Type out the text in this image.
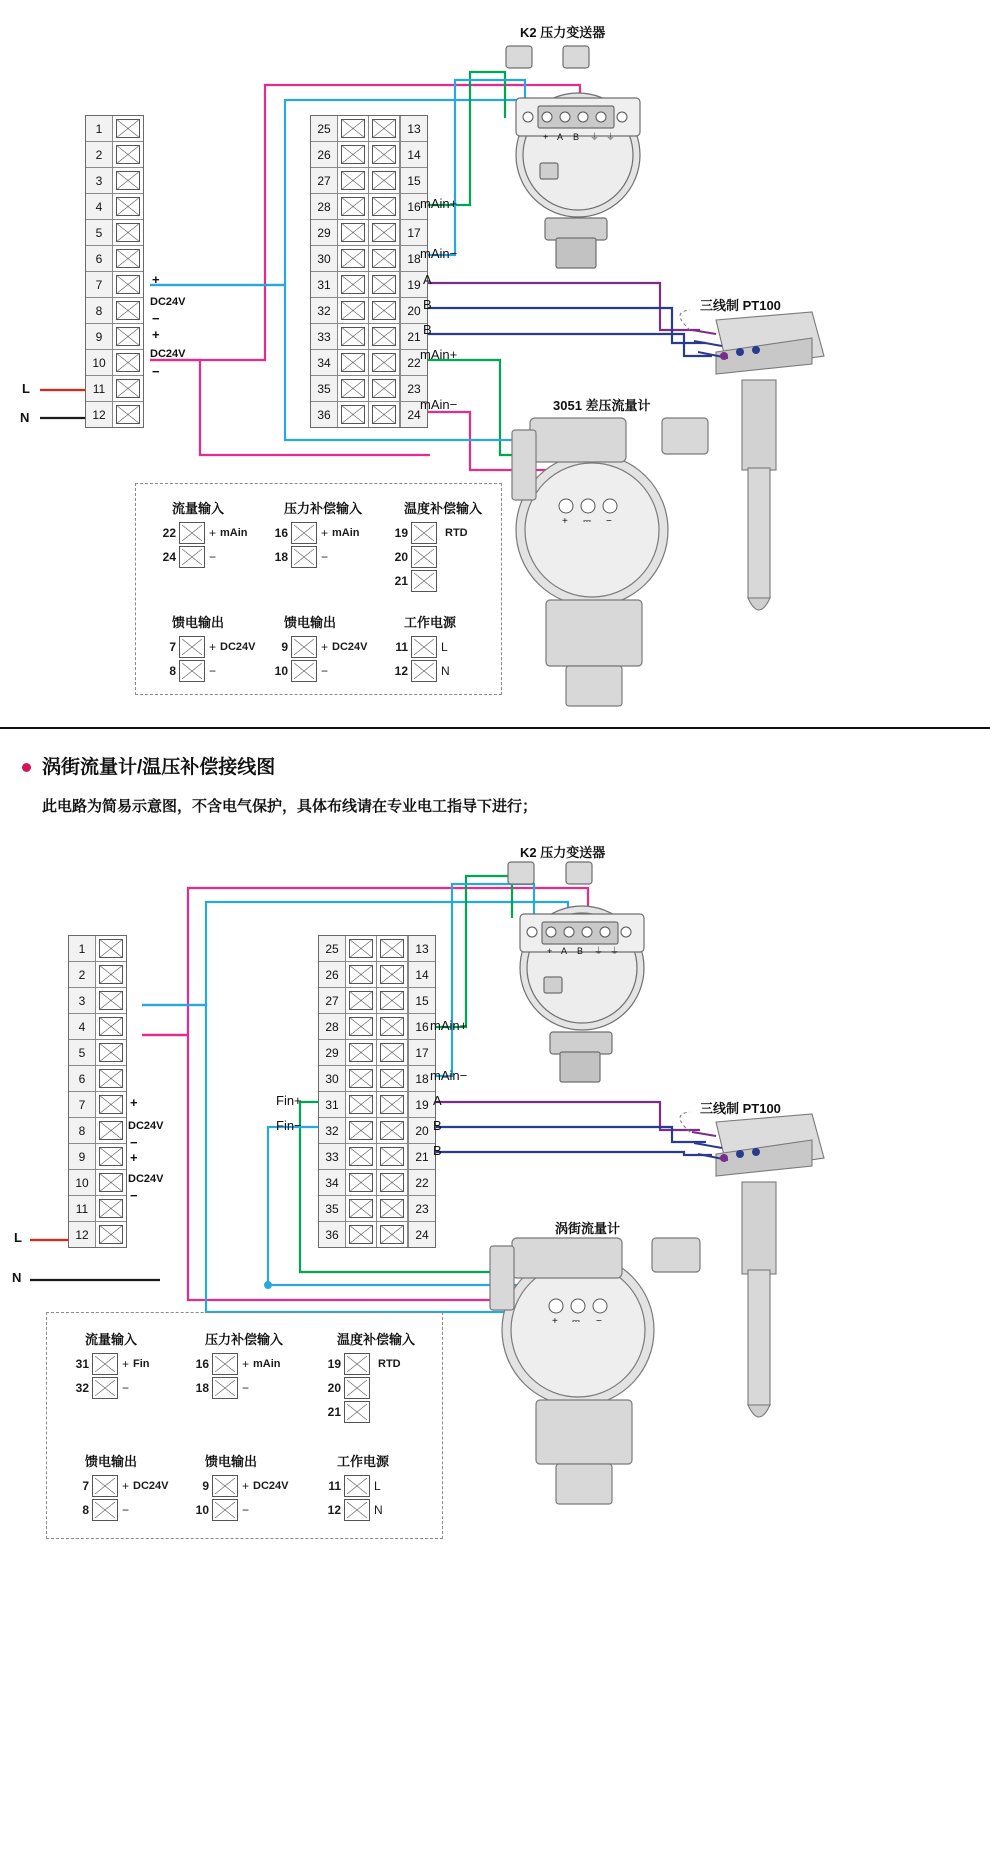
1
2
3
4
5
6
7
8
9
10
11
12
25	13
26	14
27	15
28	16
29	17
30	18
31	19
32	20
33	21
34	22
35	23
36	24
+
DC24V
−
+
DC24V
−
L
N
K2 压力变送器
三线制 PT100
3051 差压流量计
+ A B ⏚ ⏚
+ ⎓ −
mAin+
mAin−
A
B
B
mAin+
mAin−
流量输入
22	+ mAin
24	−
压力补偿输入
16	+ mAin
18	−
温度补偿输入
19	RTD
20
21
馈电输出
7	+ DC24V
8	−
馈电输出
9	+ DC24V
10	−
工作电源
11	L
12	N
涡街流量计/温压补偿接线图
此电路为简易示意图，不含电气保护，具体布线请在专业电工指导下进行；
1
2
3
4
5
6
7
8
9
10
11
12
25	13
26	14
27	15
28	16
29	17
30	18
31	19
32	20
33	21
34	22
35	23
36	24
+
DC24V
−
+
DC24V
−
L
N
K2 压力变送器
三线制 PT100
涡街流量计
+ A B ⏚ ⏚
+ ⎓ −
mAin+
mAin−
A
B
B
Fin+
Fin−
流量输入
31	+ Fin
32	−
压力补偿输入
16	+ mAin
18	−
温度补偿输入
19	RTD
20
21
馈电输出
7	+ DC24V
8	−
馈电输出
9	+ DC24V
10	−
工作电源
11	L
12	N
